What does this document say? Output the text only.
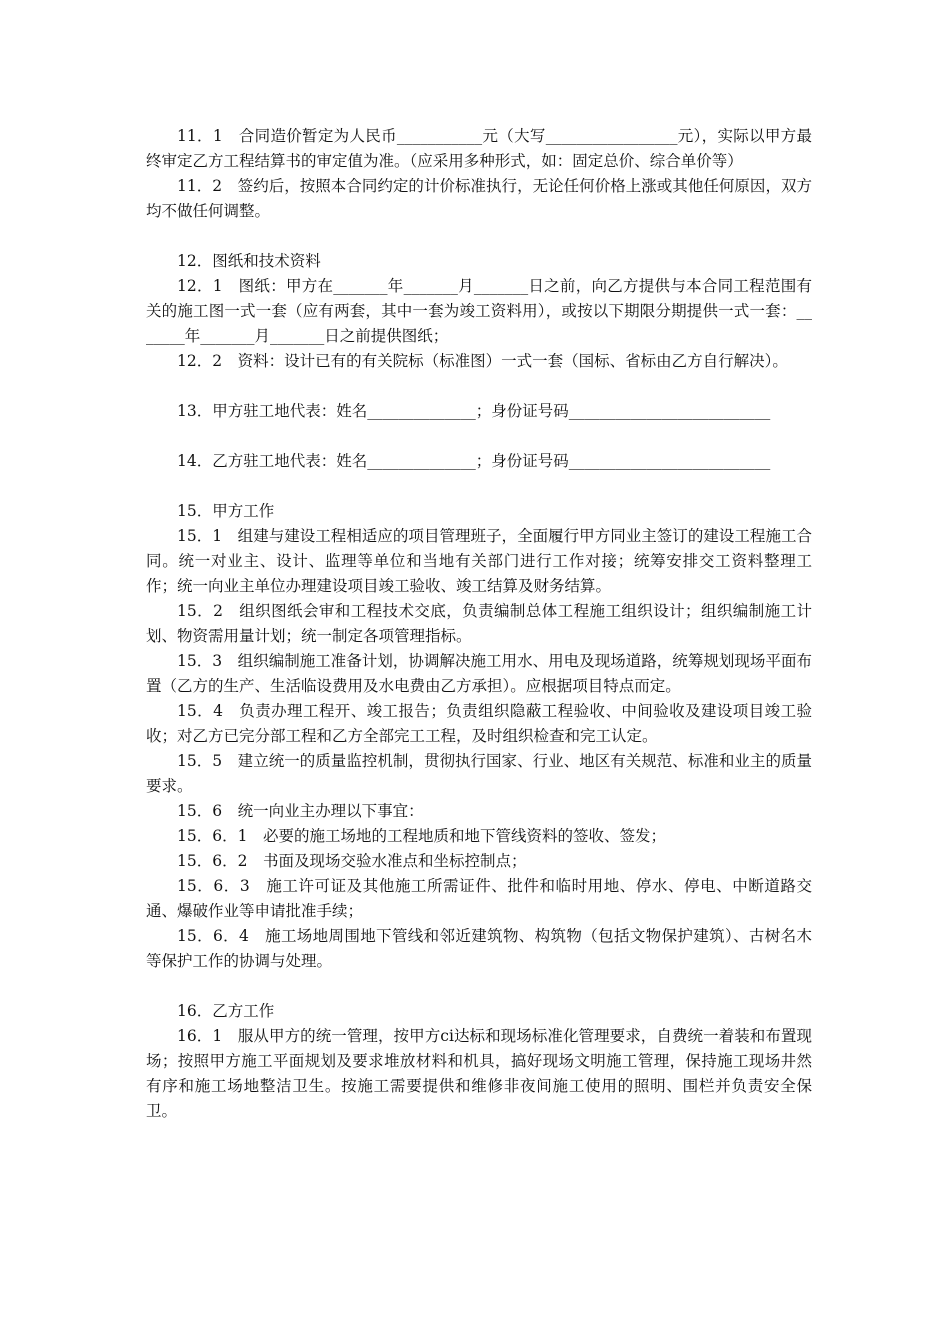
11．1　合同造价暂定为人民币___________元（大写_________________元），实际以甲方最终审定乙方工程结算书的审定值为准。（应采用多种形式，如：固定总价、综合单价等）

11．2　签约后，按照本合同约定的计价标准执行，无论任何价格上涨或其他任何原因，双方均不做任何调整。

12．图纸和技术资料

12．1　图纸：甲方在_______年_______月_______日之前，向乙方提供与本合同工程范围有关的施工图一式一套（应有两套，其中一套为竣工资料用），或按以下期限分期提供一式一套：_______年_______月_______日之前提供图纸；

12．2　资料：设计已有的有关院标（标准图）一式一套（国标、省标由乙方自行解决）。

13．甲方驻工地代表：姓名______________；身份证号码__________________________

14．乙方驻工地代表：姓名______________；身份证号码__________________________

15．甲方工作

15．1　组建与建设工程相适应的项目管理班子，全面履行甲方同业主签订的建设工程施工合同。统一对业主、设计、监理等单位和当地有关部门进行工作对接；统筹安排交工资料整理工作；统一向业主单位办理建设项目竣工验收、竣工结算及财务结算。

15．2　组织图纸会审和工程技术交底，负责编制总体工程施工组织设计；组织编制施工计划、物资需用量计划；统一制定各项管理指标。

15．3　组织编制施工准备计划，协调解决施工用水、用电及现场道路，统筹规划现场平面布置（乙方的生产、生活临设费用及水电费由乙方承担）。应根据项目特点而定。

15．4　负责办理工程开、竣工报告；负责组织隐蔽工程验收、中间验收及建设项目竣工验收；对乙方已完分部工程和乙方全部完工工程，及时组织检查和完工认定。

15．5　建立统一的质量监控机制，贯彻执行国家、行业、地区有关规范、标准和业主的质量要求。

15．6　统一向业主办理以下事宜：

15．6．1　必要的施工场地的工程地质和地下管线资料的签收、签发；

15．6．2　书面及现场交验水准点和坐标控制点；

15．6．3　施工许可证及其他施工所需证件、批件和临时用地、停水、停电、中断道路交通、爆破作业等申请批准手续；

15．6．4　施工场地周围地下管线和邻近建筑物、构筑物（包括文物保护建筑）、古树名木等保护工作的协调与处理。

16．乙方工作

16．1　服从甲方的统一管理，按甲方ci达标和现场标准化管理要求，自费统一着装和布置现场；按照甲方施工平面规划及要求堆放材料和机具，搞好现场文明施工管理，保持施工现场井然有序和施工场地整洁卫生。按施工需要提供和维修非夜间施工使用的照明、围栏并负责安全保卫。
